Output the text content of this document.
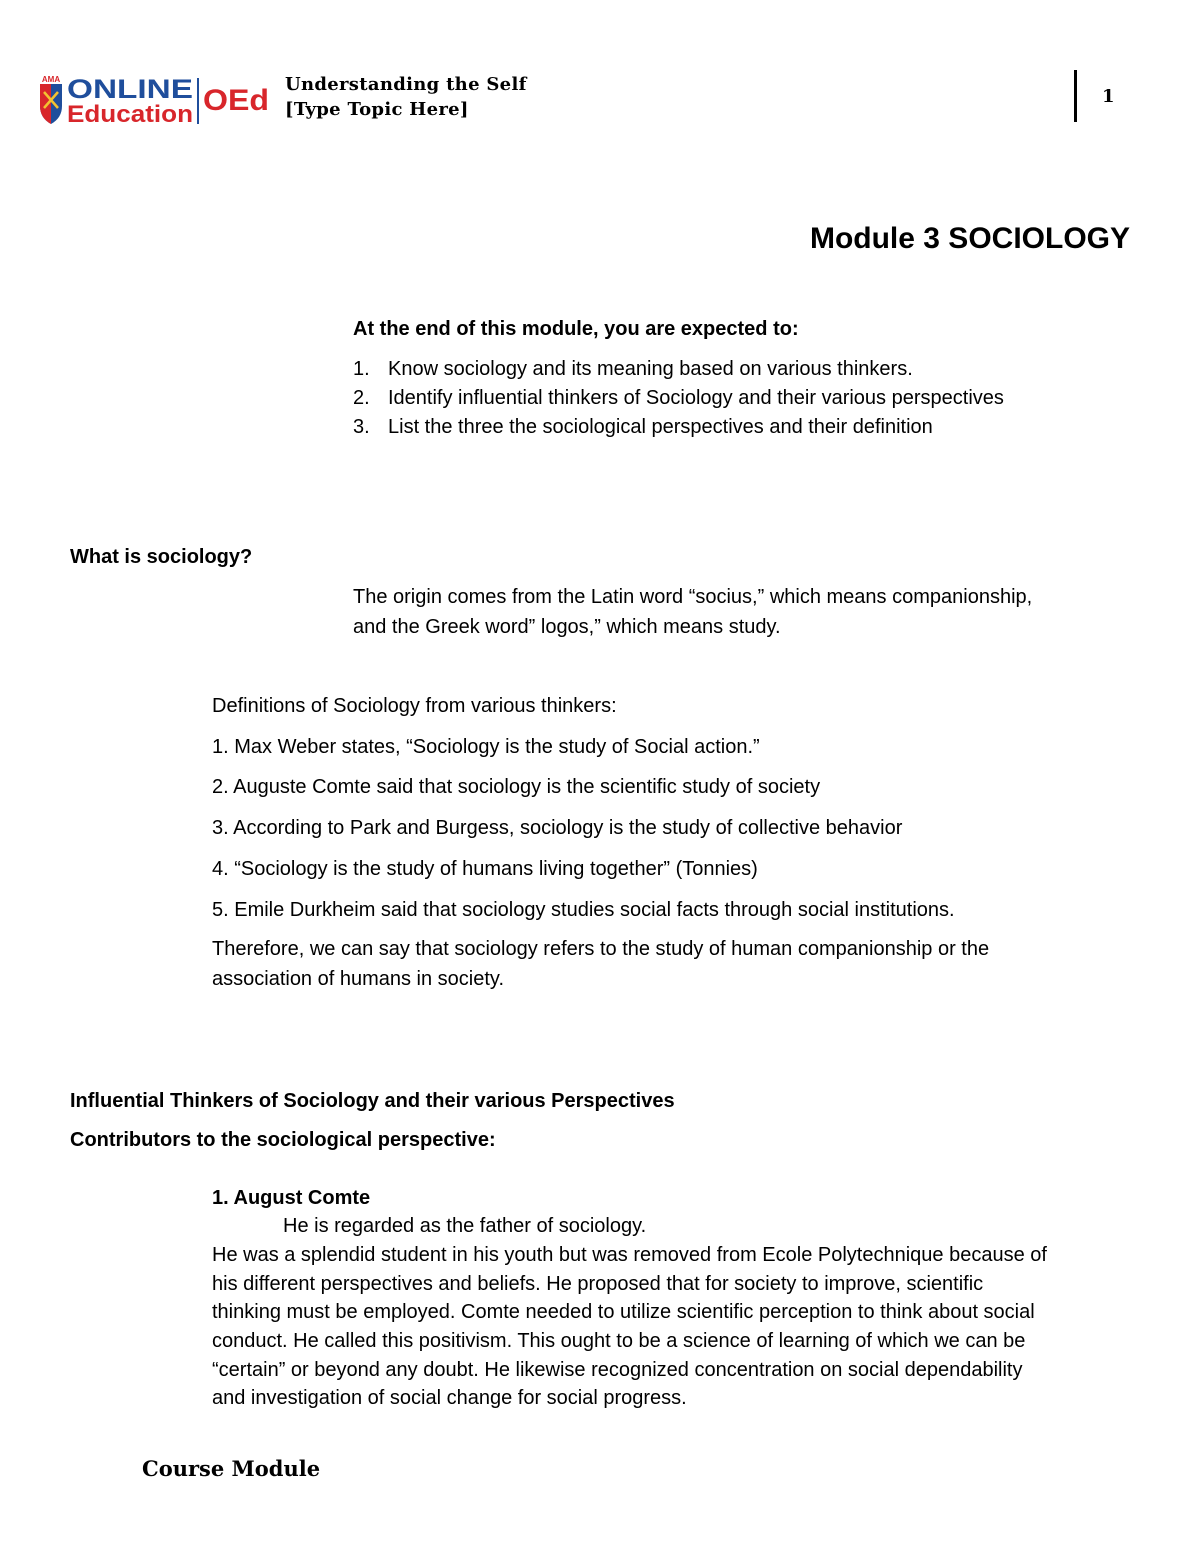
AMA ONLINE
Education OEd Understanding the Self
[Type Topic Here]
1
Module 3 SOCIOLOGY
At the end of this module, you are expected to:
1. Know sociology and its meaning based on various thinkers.
2. Identify influential thinkers of Sociology and their various perspectives
3. List the three the sociological perspectives and their definition
What is sociology?
The origin comes from the Latin word “socius,” which means companionship,
and the Greek word” logos,” which means study.
Definitions of Sociology from various thinkers:
1. Max Weber states, “Sociology is the study of Social action.”
2. Auguste Comte said that sociology is the scientific study of society
3. According to Park and Burgess, sociology is the study of collective behavior
4. “Sociology is the study of humans living together” (Tonnies)
5. Emile Durkheim said that sociology studies social facts through social institutions.
Therefore, we can say that sociology refers to the study of human companionship or the
association of humans in society.
Influential Thinkers of Sociology and their various Perspectives
Contributors to the sociological perspective:
1. August Comte
He is regarded as the father of sociology.
He was a splendid student in his youth but was removed from Ecole Polytechnique because of
his different perspectives and beliefs. He proposed that for society to improve, scientific
thinking must be employed. Comte needed to utilize scientific perception to think about social
conduct. He called this positivism. This ought to be a science of learning of which we can be
“certain” or beyond any doubt. He likewise recognized concentration on social dependability
and investigation of social change for social progress.
Course Module
